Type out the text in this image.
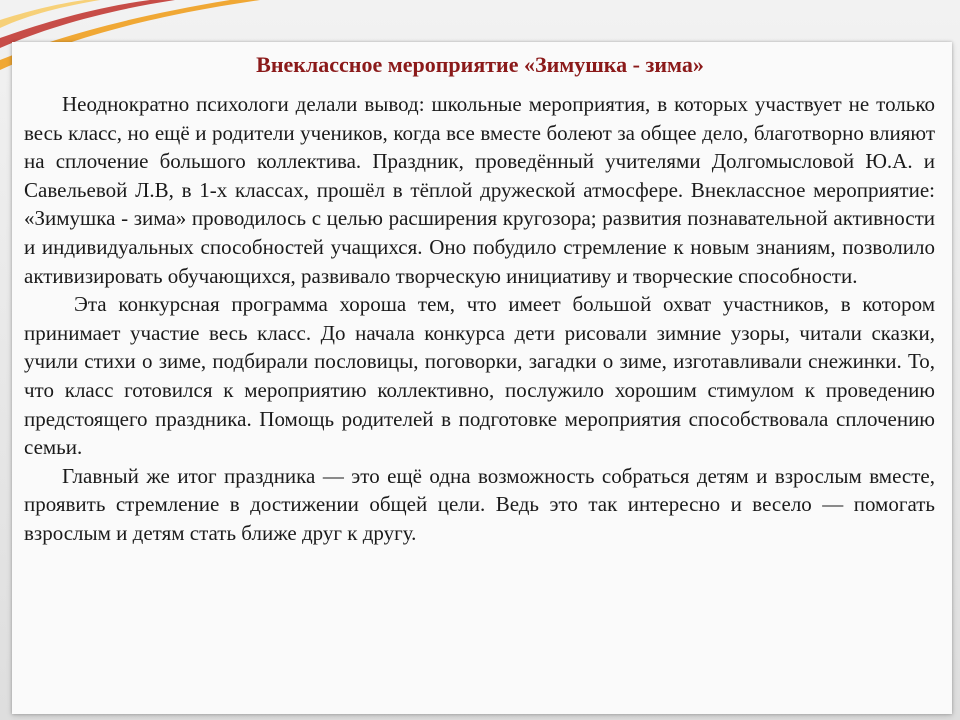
Внеклассное мероприятие «Зимушка - зима»

Неоднократно психологи делали вывод: школьные мероприятия, в которых участвует не только весь класс, но ещё и родители учеников, когда все вместе болеют за общее дело, благотворно влияют на сплочение большого коллектива. Праздник, проведённый учителями Долгомысловой Ю.А. и Савельевой Л.В, в 1-х классах, прошёл в тёплой дружеской атмосфере. Внеклассное мероприятие: «Зимушка - зима» проводилось с целью расширения кругозора; развития познавательной активности и индивидуальных способностей учащихся. Оно побудило стремление к новым знаниям, позволило активизировать обучающихся, развивало творческую инициативу и творческие способности.

Эта конкурсная программа хороша тем, что имеет большой охват участников, в котором принимает участие весь класс. До начала конкурса дети рисовали зимние узоры, читали сказки, учили стихи о зиме, подбирали пословицы, поговорки, загадки о зиме, изготавливали снежинки. То, что класс готовился к мероприятию коллективно, послужило хорошим стимулом к проведению предстоящего праздника. Помощь родителей в подготовке мероприятия способствовала сплочению семьи.

Главный же итог праздника — это ещё одна возможность собраться детям и взрослым вместе, проявить стремление в достижении общей цели. Ведь это так интересно и весело — помогать взрослым и детям стать ближе друг к другу.
